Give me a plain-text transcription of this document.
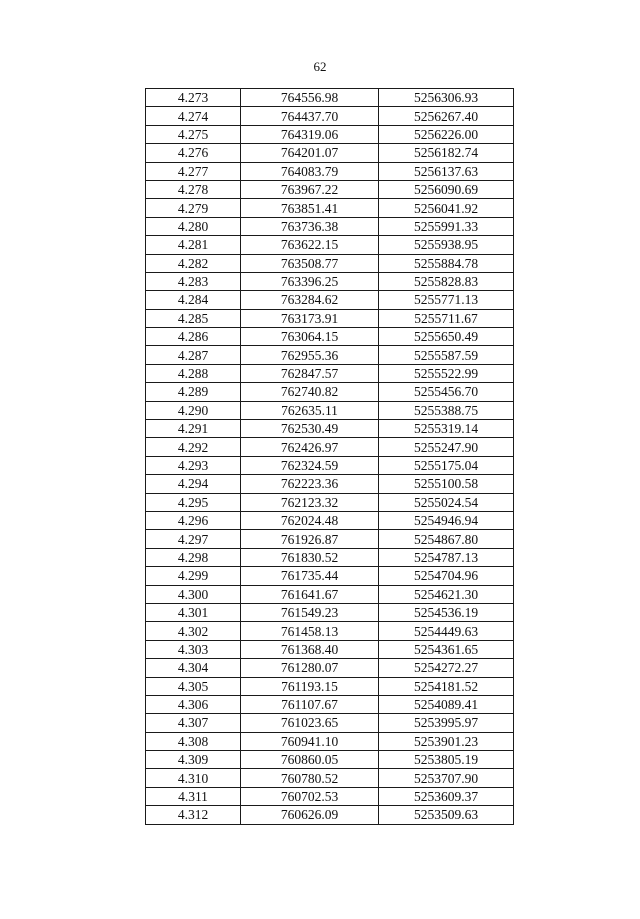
62
4.273	764556.98	5256306.93
4.274	764437.70	5256267.40
4.275	764319.06	5256226.00
4.276	764201.07	5256182.74
4.277	764083.79	5256137.63
4.278	763967.22	5256090.69
4.279	763851.41	5256041.92
4.280	763736.38	5255991.33
4.281	763622.15	5255938.95
4.282	763508.77	5255884.78
4.283	763396.25	5255828.83
4.284	763284.62	5255771.13
4.285	763173.91	5255711.67
4.286	763064.15	5255650.49
4.287	762955.36	5255587.59
4.288	762847.57	5255522.99
4.289	762740.82	5255456.70
4.290	762635.11	5255388.75
4.291	762530.49	5255319.14
4.292	762426.97	5255247.90
4.293	762324.59	5255175.04
4.294	762223.36	5255100.58
4.295	762123.32	5255024.54
4.296	762024.48	5254946.94
4.297	761926.87	5254867.80
4.298	761830.52	5254787.13
4.299	761735.44	5254704.96
4.300	761641.67	5254621.30
4.301	761549.23	5254536.19
4.302	761458.13	5254449.63
4.303	761368.40	5254361.65
4.304	761280.07	5254272.27
4.305	761193.15	5254181.52
4.306	761107.67	5254089.41
4.307	761023.65	5253995.97
4.308	760941.10	5253901.23
4.309	760860.05	5253805.19
4.310	760780.52	5253707.90
4.311	760702.53	5253609.37
4.312	760626.09	5253509.63
